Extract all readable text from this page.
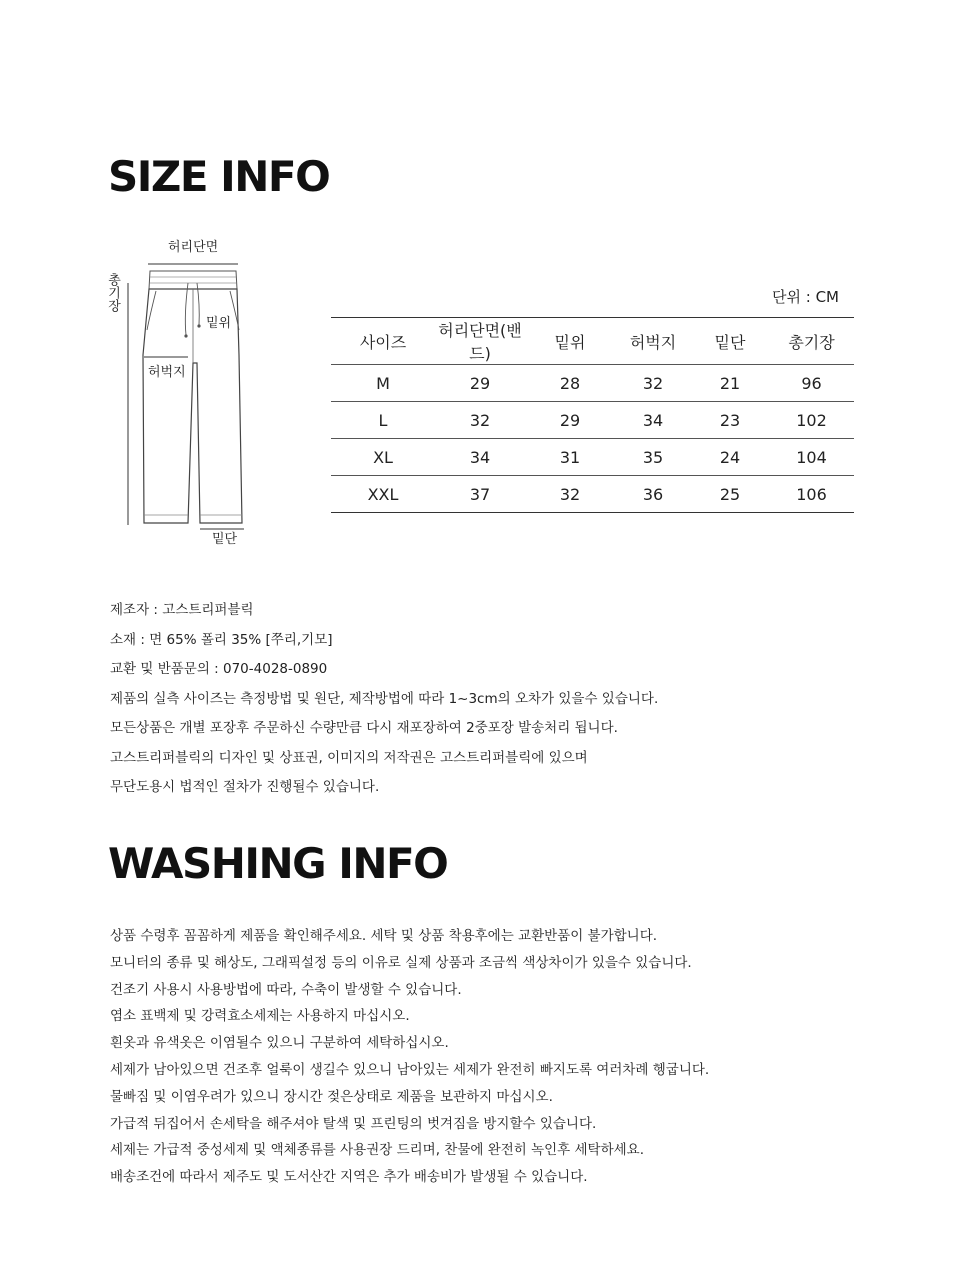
SIZE INFO
허리단면
총기장
밑위
허벅지
밑단
단위 : CM
사이즈	허리단면(밴드)	밑위	허벅지	밑단	총기장
M	29	28	32	21	96
L	32	29	34	23	102
XL	34	31	35	24	104
XXL	37	32	36	25	106
제조자 : 고스트리퍼블릭
소재 : 면 65% 폴리 35% [쭈리,기모]
교환 및 반품문의 : 070-4028-0890
제품의 실측 사이즈는 측정방법 및 원단, 제작방법에 따라 1~3cm의 오차가 있을수 있습니다.
모든상품은 개별 포장후 주문하신 수량만큼 다시 재포장하여 2중포장 발송처리 됩니다.
고스트리퍼블릭의 디자인 및 상표권, 이미지의 저작권은 고스트리퍼블릭에 있으며
무단도용시 법적인 절차가 진행될수 있습니다.
WASHING INFO
상품 수령후 꼼꼼하게 제품을 확인해주세요. 세탁 및 상품 착용후에는 교환반품이 불가합니다.
모니터의 종류 및 해상도, 그래픽설정 등의 이유로 실제 상품과 조금씩 색상차이가 있을수 있습니다.
건조기 사용시 사용방법에 따라, 수축이 발생할 수 있습니다.
염소 표백제 및 강력효소세제는 사용하지 마십시오.
흰옷과 유색옷은 이염될수 있으니 구분하여 세탁하십시오.
세제가 남아있으면 건조후 얼룩이 생길수 있으니 남아있는 세제가 완전히 빠지도록 여러차례 헹굽니다.
물빠짐 및 이염우려가 있으니 장시간 젖은상태로 제품을 보관하지 마십시오.
가급적 뒤집어서 손세탁을 해주셔야 탈색 및 프린팅의 벗겨짐을 방지할수 있습니다.
세제는 가급적 중성세제 및 액체종류를 사용권장 드리며, 찬물에 완전히 녹인후 세탁하세요.
배송조건에 따라서 제주도 및 도서산간 지역은 추가 배송비가 발생될 수 있습니다.
